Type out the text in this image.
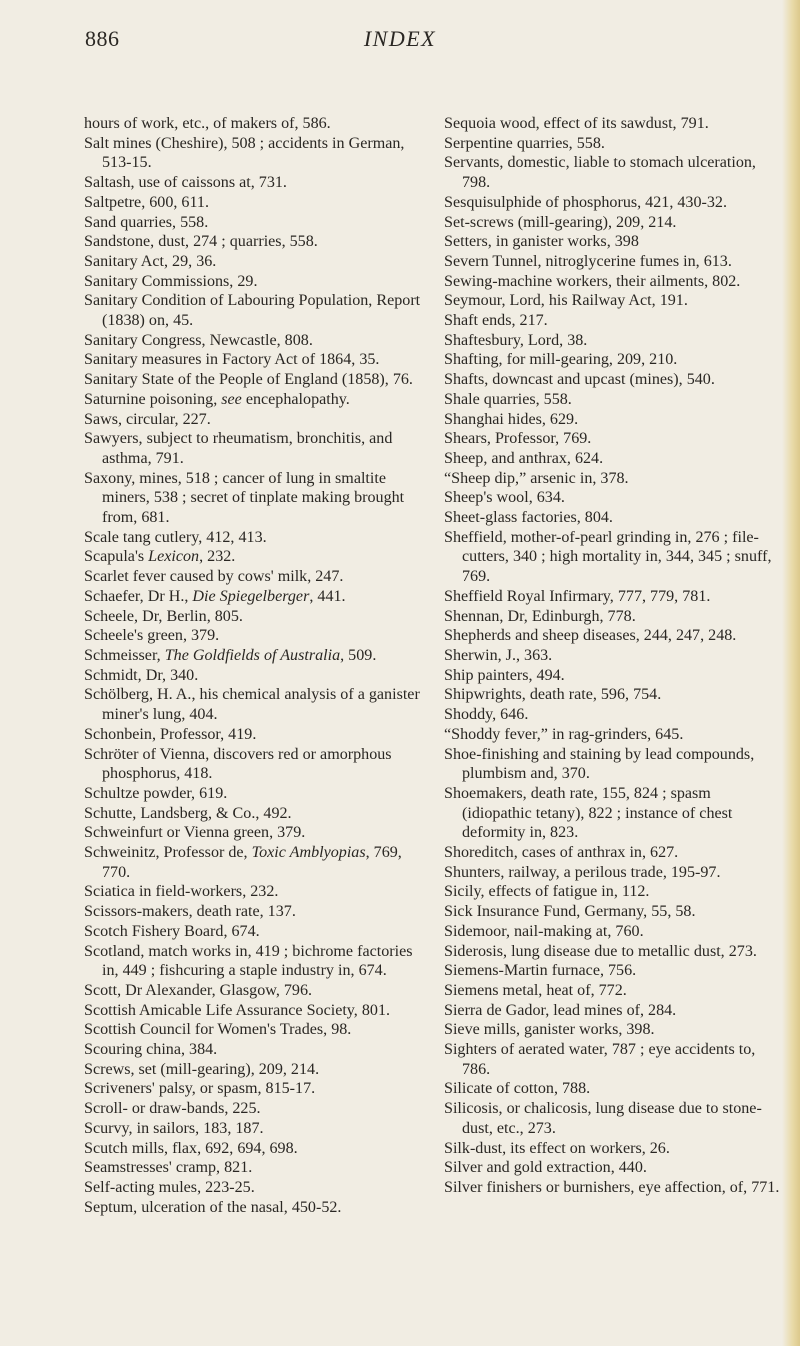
886	INDEX

hours of work, etc., of makers of, 586.

Salt mines (Cheshire), 508 ; accidents in German, 513-15.

Saltash, use of caissons at, 731.

Saltpetre, 600, 611.

Sand quarries, 558.

Sandstone, dust, 274 ; quarries, 558.

Sanitary Act, 29, 36.

Sanitary Commissions, 29.

Sanitary Condition of Labouring Population, Report (1838) on, 45.

Sanitary Congress, Newcastle, 808.

Sanitary measures in Factory Act of 1864, 35.

Sanitary State of the People of England (1858), 76.

Saturnine poisoning, see encephalopathy.

Saws, circular, 227.

Sawyers, subject to rheumatism, bronchitis, and asthma, 791.

Saxony, mines, 518 ; cancer of lung in smaltite miners, 538 ; secret of tinplate making brought from, 681.

Scale tang cutlery, 412, 413.

Scapula's Lexicon, 232.

Scarlet fever caused by cows' milk, 247.

Schaefer, Dr H., Die Spiegelberger, 441.

Scheele, Dr, Berlin, 805.

Scheele's green, 379.

Schmeisser, The Goldfields of Australia, 509.

Schmidt, Dr, 340.

Schölberg, H. A., his chemical analysis of a ganister miner's lung, 404.

Schonbein, Professor, 419.

Schröter of Vienna, discovers red or amorphous phosphorus, 418.

Schultze powder, 619.

Schutte, Landsberg, & Co., 492.

Schweinfurt or Vienna green, 379.

Schweinitz, Professor de, Toxic Amblyopias, 769, 770.

Sciatica in field-workers, 232.

Scissors-makers, death rate, 137.

Scotch Fishery Board, 674.

Scotland, match works in, 419 ; bichrome factories in, 449 ; fishcuring a staple industry in, 674.

Scott, Dr Alexander, Glasgow, 796.

Scottish Amicable Life Assurance Society, 801.

Scottish Council for Women's Trades, 98.

Scouring china, 384.

Screws, set (mill-gearing), 209, 214.

Scriveners' palsy, or spasm, 815-17.

Scroll- or draw-bands, 225.

Scurvy, in sailors, 183, 187.

Scutch mills, flax, 692, 694, 698.

Seamstresses' cramp, 821.

Self-acting mules, 223-25.

Septum, ulceration of the nasal, 450-52.

Sequoia wood, effect of its sawdust, 791.

Serpentine quarries, 558.

Servants, domestic, liable to stomach ulceration, 798.

Sesquisulphide of phosphorus, 421, 430-32.

Set-screws (mill-gearing), 209, 214.

Setters, in ganister works, 398

Severn Tunnel, nitroglycerine fumes in, 613.

Sewing-machine workers, their ailments, 802.

Seymour, Lord, his Railway Act, 191.

Shaft ends, 217.

Shaftesbury, Lord, 38.

Shafting, for mill-gearing, 209, 210.

Shafts, downcast and upcast (mines), 540.

Shale quarries, 558.

Shanghai hides, 629.

Shears, Professor, 769.

Sheep, and anthrax, 624.

“Sheep dip,” arsenic in, 378.

Sheep's wool, 634.

Sheet-glass factories, 804.

Sheffield, mother-of-pearl grinding in, 276 ; file-cutters, 340 ; high mortality in, 344, 345 ; snuff, 769.

Sheffield Royal Infirmary, 777, 779, 781.

Shennan, Dr, Edinburgh, 778.

Shepherds and sheep diseases, 244, 247, 248.

Sherwin, J., 363.

Ship painters, 494.

Shipwrights, death rate, 596, 754.

Shoddy, 646.

“Shoddy fever,” in rag-grinders, 645.

Shoe-finishing and staining by lead compounds, plumbism and, 370.

Shoemakers, death rate, 155, 824 ; spasm (idiopathic tetany), 822 ; instance of chest deformity in, 823.

Shoreditch, cases of anthrax in, 627.

Shunters, railway, a perilous trade, 195-97.

Sicily, effects of fatigue in, 112.

Sick Insurance Fund, Germany, 55, 58.

Sidemoor, nail-making at, 760.

Siderosis, lung disease due to metallic dust, 273.

Siemens-Martin furnace, 756.

Siemens metal, heat of, 772.

Sierra de Gador, lead mines of, 284.

Sieve mills, ganister works, 398.

Sighters of aerated water, 787 ; eye accidents to, 786.

Silicate of cotton, 788.

Silicosis, or chalicosis, lung disease due to stone-dust, etc., 273.

Silk-dust, its effect on workers, 26.

Silver and gold extraction, 440.

Silver finishers or burnishers, eye affection, of, 771.
